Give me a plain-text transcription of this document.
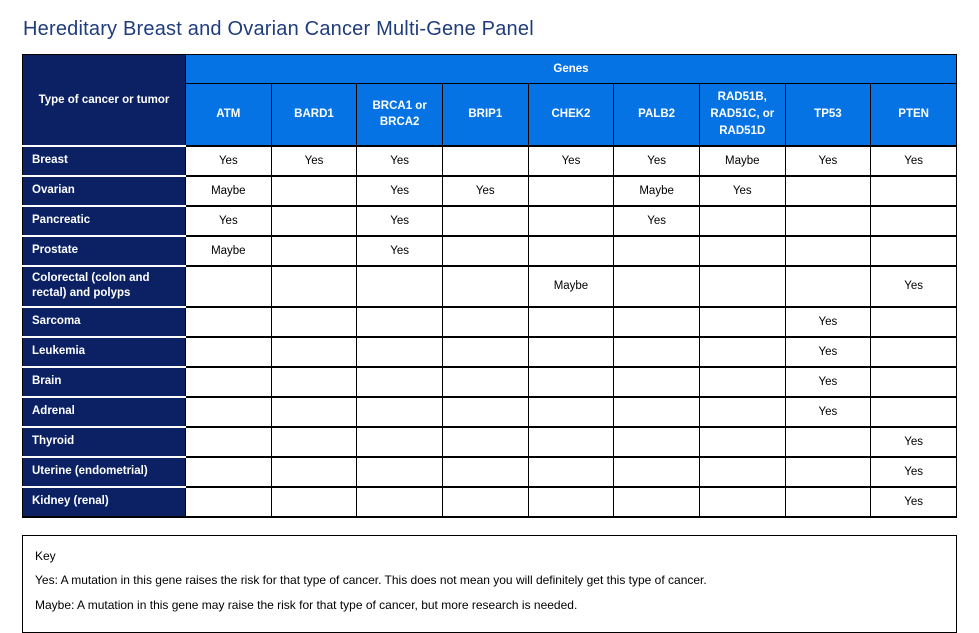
Hereditary Breast and Ovarian Cancer Multi-Gene Panel
Type of cancer or tumor	Genes								
	ATM	BARD1	BRCA1 or BRCA2	BRIP1	CHEK2	PALB2	RAD51B, RAD51C, or RAD51D	TP53	PTEN
Breast	Yes	Yes	Yes		Yes	Yes	Maybe	Yes	Yes
Ovarian	Maybe		Yes	Yes		Maybe	Yes		
Pancreatic	Yes		Yes			Yes			
Prostate	Maybe		Yes						
Colorectal (colon and rectal) and polyps					Maybe				Yes
Sarcoma								Yes	
Leukemia								Yes	
Brain								Yes	
Adrenal								Yes	
Thyroid									Yes
Uterine (endometrial)									Yes
Kidney (renal)									Yes

Key

Yes: A mutation in this gene raises the risk for that type of cancer. This does not mean you will definitely get this type of cancer.

Maybe: A mutation in this gene may raise the risk for that type of cancer, but more research is needed.
